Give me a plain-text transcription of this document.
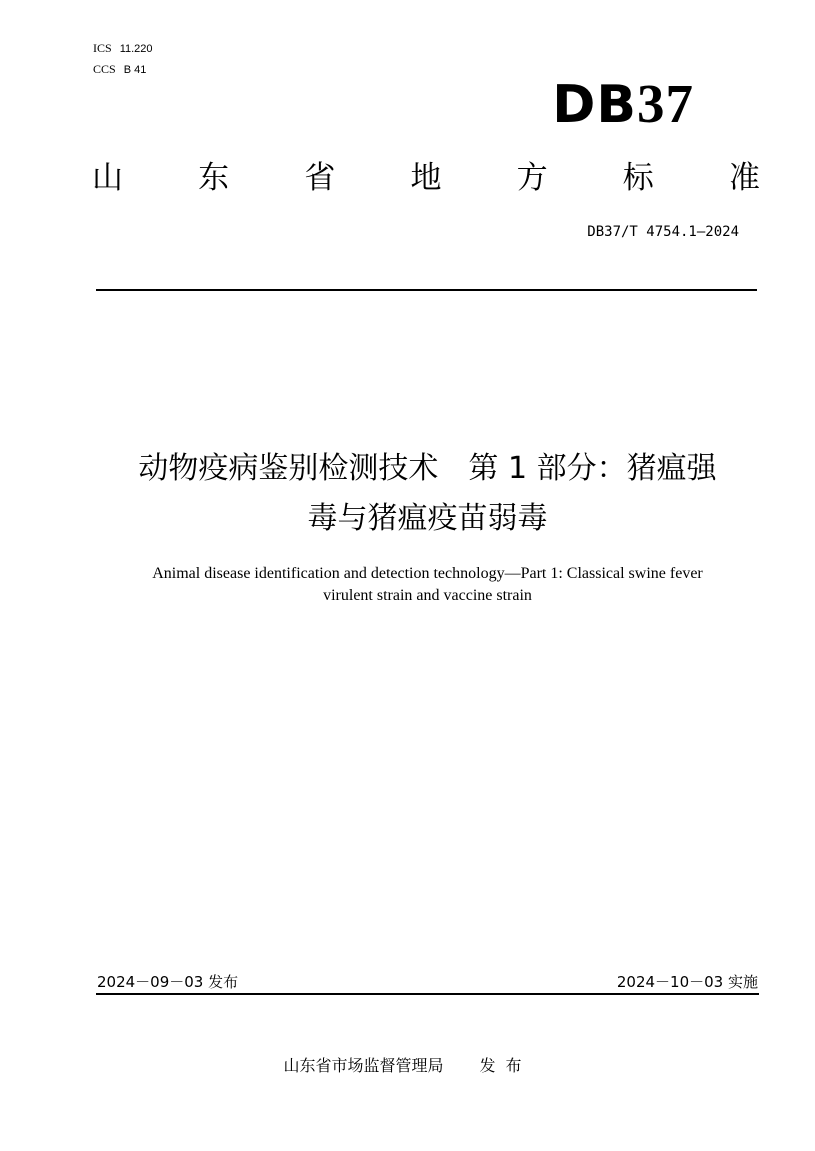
ICS 11.220
CCS B 41
DB37
山 东 省 地 方 标 准
DB37/T 4754.1—2024
动物疫病鉴别检测技术　第 1 部分：猪瘟强
毒与猪瘟疫苗弱毒
Animal disease identification and detection technology—Part 1: Classical swine fever
virulent strain and vaccine strain
2024－09－03 发布	2024－10－03 实施
山东省市场监督管理局 发布
